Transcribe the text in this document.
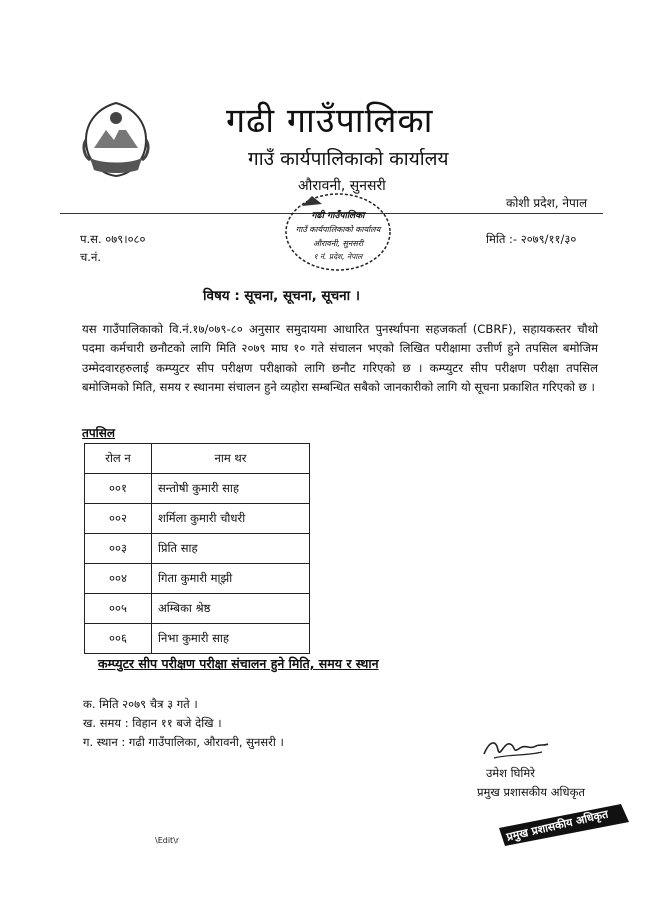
गढी गाउँपालिका
गाउँ कार्यपालिकाको कार्यालय
औरावनी, सुनसरी
कोशी प्रदेश, नेपाल
गढी गाउँपालिका
गाउँ कार्यपालिकाको कार्यालय
औरावनी, सुनसरी
१ नं. प्रदेश, नेपाल
प.स. ०७९।०८०
च.नं.
मिति :- २०७९/११/३०
विषय : सूचना, सूचना, सूचना ।
यस गाउँपालिकाको वि.नं.१७/०७९-८० अनुसार समुदायमा आधारित पुनर्स्थापना सहजकर्ता (CBRF), सहायकस्तर चौथो पदमा कर्मचारी छनौटको लागि मिति २०७९ माघ १० गते संचालन भएको लिखित परीक्षामा उत्तीर्ण हुने तपसिल बमोजिम उम्मेदवारहरुलाई कम्प्युटर सीप परीक्षण परीक्षाको लागि छनौट गरिएको छ । कम्प्युटर सीप परीक्षण परीक्षा तपसिल बमोजिमको मिति, समय र स्थानमा संचालन हुने व्यहोरा सम्बन्धित सबैको जानकारीको लागि यो सूचना प्रकाशित गरिएको छ ।
तपसिल
रोल न	नाम थर
००१	सन्तोषी कुमारी साह
००२	शर्मिला कुमारी चौधरी
००३	प्रिति साह
००४	गिता कुमारी मा्झी
००५	अम्बिका श्रेष्ठ
००६	निभा कुमारी साह
कम्प्युटर सीप परीक्षण परीक्षा संचालन हुने मिति, समय र स्थान
क. मिति २०७९ चैत्र ३ गते ।
ख. समय : विहान ११ बजे देखि ।
ग. स्थान : गढी गाउँपालिका, औरावनी, सुनसरी ।
उमेश घिमिरे
प्रमुख प्रशासकीय अधिकृत
प्रमुख प्रशासकीय अधिकृत
\Edit\r
